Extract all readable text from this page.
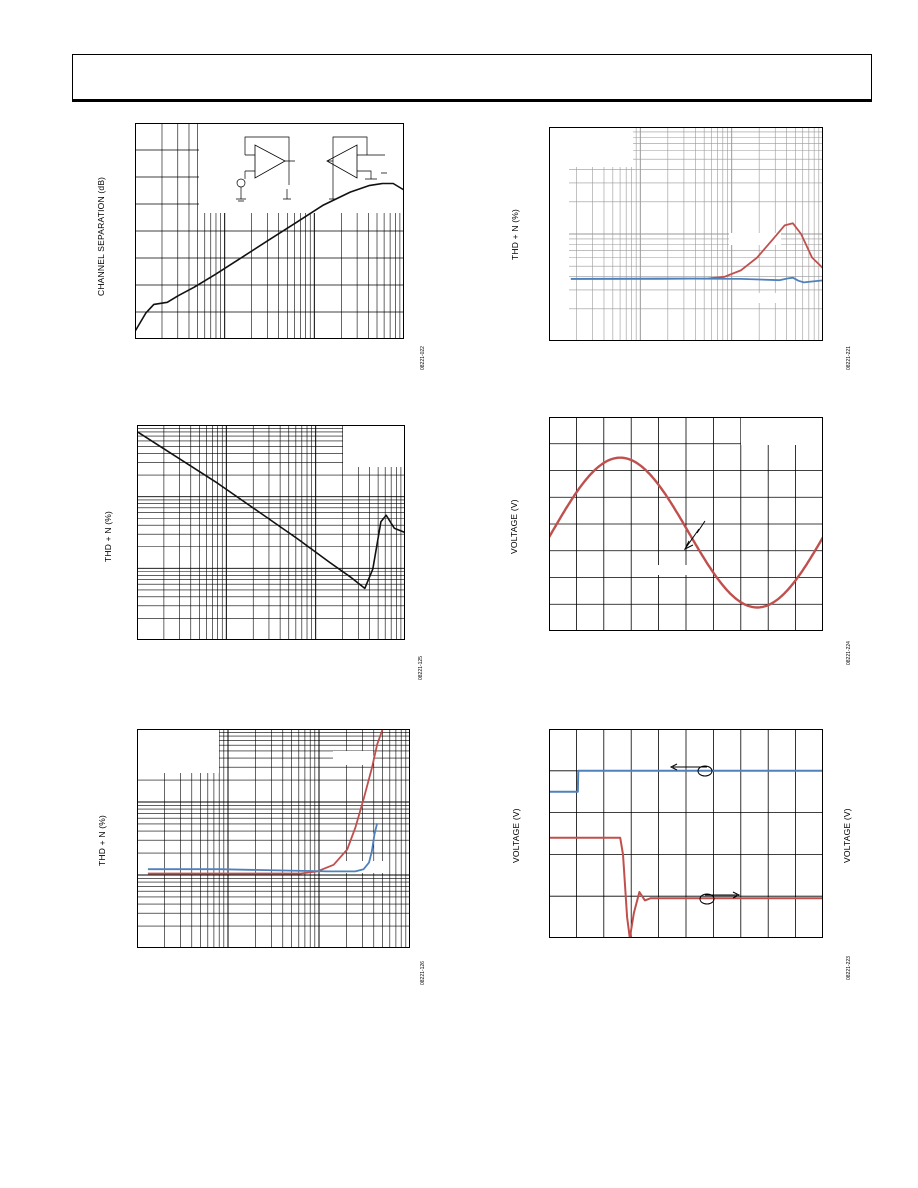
CHANNEL SEPARATION (dB)
08221-022
THD + N (%)
08221-221
THD + N (%)
08221-125
VOLTAGE (V)
08221-224
THD + N (%)
08221-126
VOLTAGE (V)	VOLTAGE (V)
08221-223
